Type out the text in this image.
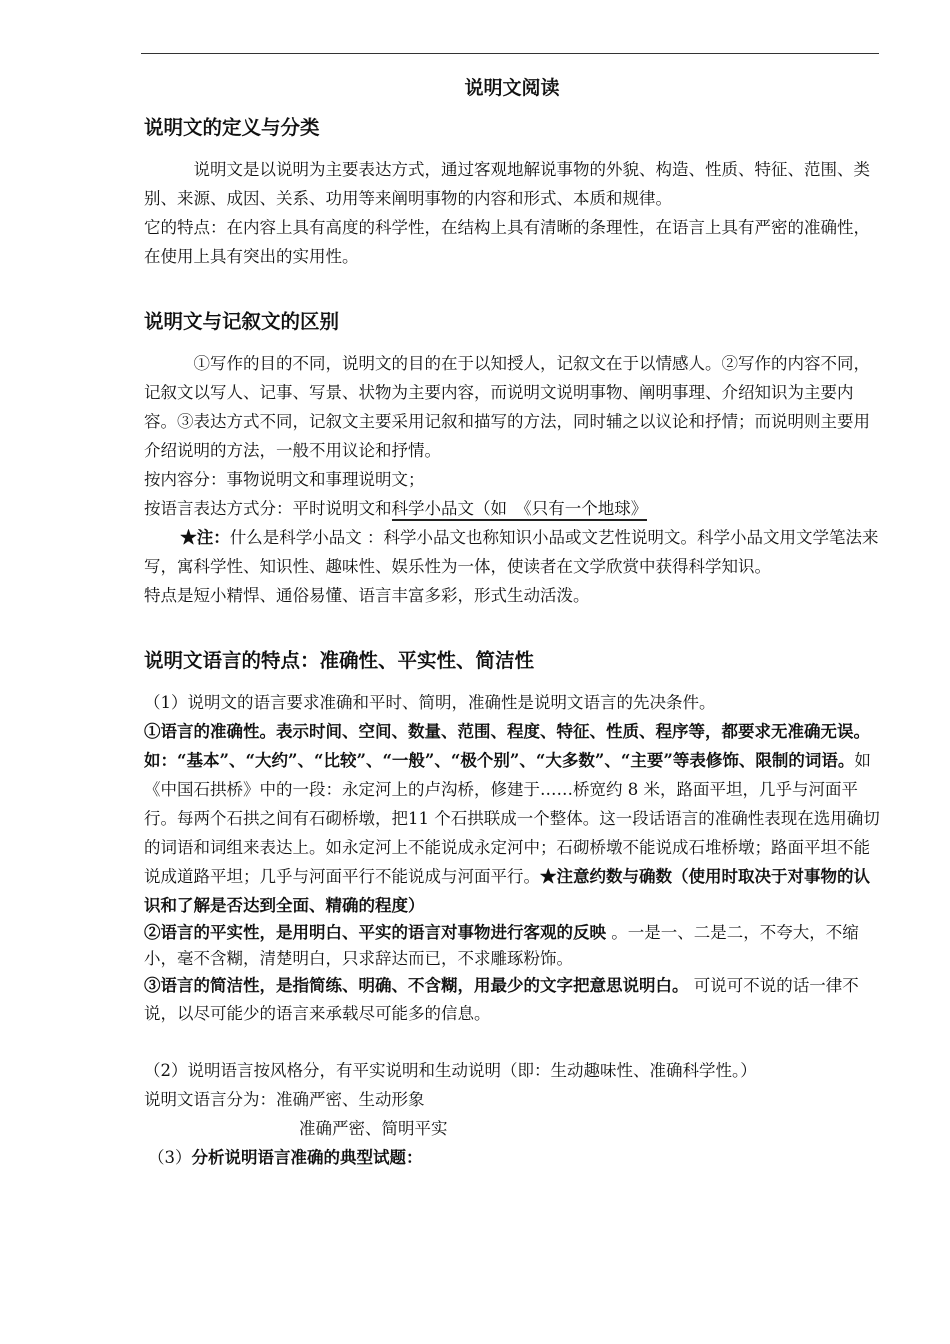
说明文阅读
说明文的定义与分类

说明文是以说明为主要表达方式，通过客观地解说事物的外貌、构造、性质、特征、范围、类别、来源、成因、关系、功用等来阐明事物的内容和形式、本质和规律。

它的特点：在内容上具有高度的科学性，在结构上具有清晰的条理性，在语言上具有严密的准确性，在使用上具有突出的实用性。

说明文与记叙文的区别

①写作的目的不同，说明文的目的在于以知授人，记叙文在于以情感人。②写作的内容不同，记叙文以写人、记事、写景、状物为主要内容，而说明文说明事物、阐明事理、介绍知识为主要内容。③表达方式不同，记叙文主要采用记叙和描写的方法，同时辅之以议论和抒情；而说明则主要用介绍说明的方法，一般不用议论和抒情。

按内容分：事物说明文和事理说明文；

按语言表达方式分：平时说明文和科学小品文（如　《只有一个地球》

★注：什么是科学小品文 ：科学小品文也称知识小品或文艺性说明文。科学小品文用文学笔法来写，寓科学性、知识性、趣味性、娱乐性为一体，使读者在文学欣赏中获得科学知识。

特点是短小精悍、通俗易懂、语言丰富多彩，形式生动活泼。

说明文语言的特点：准确性、平实性、简洁性

（1）说明文的语言要求准确和平时、简明，准确性是说明文语言的先决条件。

①语言的准确性。表示时间、空间、数量、范围、程度、特征、性质、程序等，都要求无准确无误。如：“基本”、“大约”、“比较”、“一般”、“极个别”、“大多数”、“主要”等表修饰、限制的词语。如《中国石拱桥》中的一段：永定河上的卢沟桥，修建于……桥宽约 8 米，路面平坦，几乎与河面平行。每两个石拱之间有石砌桥墩，把11 个石拱联成一个整体。这一段话语言的准确性表现在选用确切的词语和词组来表达上。如永定河上不能说成永定河中；石砌桥墩不能说成石堆桥墩；路面平坦不能说成道路平坦；几乎与河面平行不能说成与河面平行。★注意约数与确数（使用时取决于对事物的认识和了解是否达到全面、精确的程度）

②语言的平实性，是用明白、平实的语言对事物进行客观的反映 。一是一、二是二，不夸大，不缩小，毫不含糊，清楚明白，只求辞达而已，不求雕琢粉饰。

③语言的简洁性，是指简练、明确、不含糊，用最少的文字把意思说明白。 可说可不说的话一律不说，以尽可能少的语言来承载尽可能多的信息。

（2）说明语言按风格分，有平实说明和生动说明（即：生动趣味性、准确科学性。）

说明文语言分为：准确严密、生动形象

准确严密、简明平实

（3）分析说明语言准确的典型试题：
